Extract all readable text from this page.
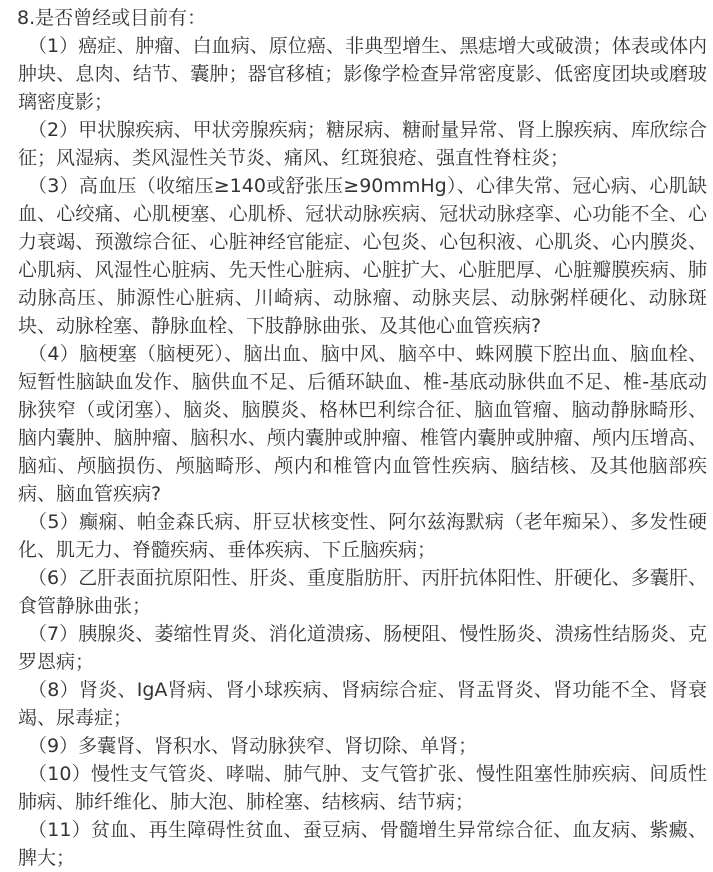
8.是否曾经或目前有：

（1）癌症、肿瘤、白血病、原位癌、非典型增生、黑痣增大或破溃；体表或体内肿块、息肉、结节、囊肿；器官移植；影像学检查异常密度影、低密度团块或磨玻璃密度影；

（2）甲状腺疾病、甲状旁腺疾病；糖尿病、糖耐量异常、肾上腺疾病、库欣综合征；风湿病、类风湿性关节炎、痛风、红斑狼疮、强直性脊柱炎；

（3）高血压（收缩压≥140或舒张压≥90mmHg）、心律失常、冠心病、心肌缺血、心绞痛、心肌梗塞、心肌桥、冠状动脉疾病、冠状动脉痉挛、心功能不全、心力衰竭、预激综合征、心脏神经官能症、心包炎、心包积液、心肌炎、心内膜炎、心肌病、风湿性心脏病、先天性心脏病、心脏扩大、心脏肥厚、心脏瓣膜疾病、肺动脉高压、肺源性心脏病、川崎病、动脉瘤、动脉夹层、动脉粥样硬化、动脉斑块、动脉栓塞、静脉血栓、下肢静脉曲张、及其他心血管疾病?

（4）脑梗塞（脑梗死）、脑出血、脑中风、脑卒中、蛛网膜下腔出血、脑血栓、短暂性脑缺血发作、脑供血不足、后循环缺血、椎-基底动脉供血不足、椎-基底动脉狭窄（或闭塞）、脑炎、脑膜炎、格林巴利综合征、脑血管瘤、脑动静脉畸形、脑内囊肿、脑肿瘤、脑积水、颅内囊肿或肿瘤、椎管内囊肿或肿瘤、颅内压增高、脑疝、颅脑损伤、颅脑畸形、颅内和椎管内血管性疾病、脑结核、及其他脑部疾病、脑血管疾病?

（5）癫痫、帕金森氏病、肝豆状核变性、阿尔兹海默病（老年痴呆）、多发性硬化、肌无力、脊髓疾病、垂体疾病、下丘脑疾病；

（6）乙肝表面抗原阳性、肝炎、重度脂肪肝、丙肝抗体阳性、肝硬化、多囊肝、食管静脉曲张；

（7）胰腺炎、萎缩性胃炎、消化道溃疡、肠梗阻、慢性肠炎、溃疡性结肠炎、克罗恩病；

（8）肾炎、IgA肾病、肾小球疾病、肾病综合症、肾盂肾炎、肾功能不全、肾衰竭、尿毒症；

（9）多囊肾、肾积水、肾动脉狭窄、肾切除、单肾；

（10）慢性支气管炎、哮喘、肺气肿、支气管扩张、慢性阻塞性肺疾病、间质性肺病、肺纤维化、肺大泡、肺栓塞、结核病、结节病；

（11）贫血、再生障碍性贫血、蚕豆病、骨髓增生异常综合征、血友病、紫癜、脾大；
